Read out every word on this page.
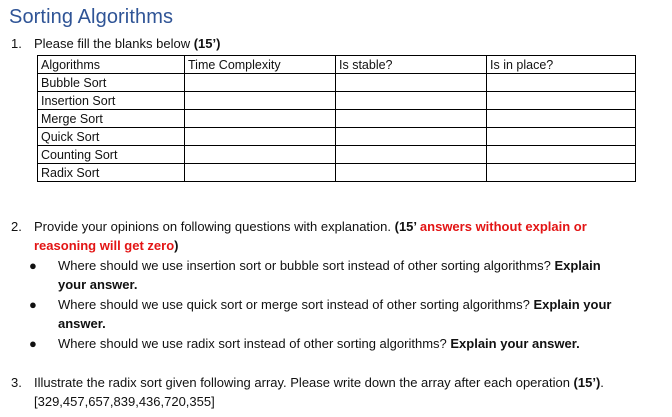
Sorting Algorithms
1. Please fill the blanks below (15’)
Algorithms	Time Complexity	Is stable?	Is in place?
Bubble Sort			
Insertion Sort			
Merge Sort			
Quick Sort			
Counting Sort			
Radix Sort			
2. Provide your opinions on following questions with explanation. (15’ answers without explain or
reasoning will get zero)
● Where should we use insertion sort or bubble sort instead of other sorting algorithms? Explain
your answer.
● Where should we use quick sort or merge sort instead of other sorting algorithms? Explain your
answer.
● Where should we use radix sort instead of other sorting algorithms? Explain your answer.
3. Illustrate the radix sort given following array. Please write down the array after each operation (15’).
[329,457,657,839,436,720,355]
